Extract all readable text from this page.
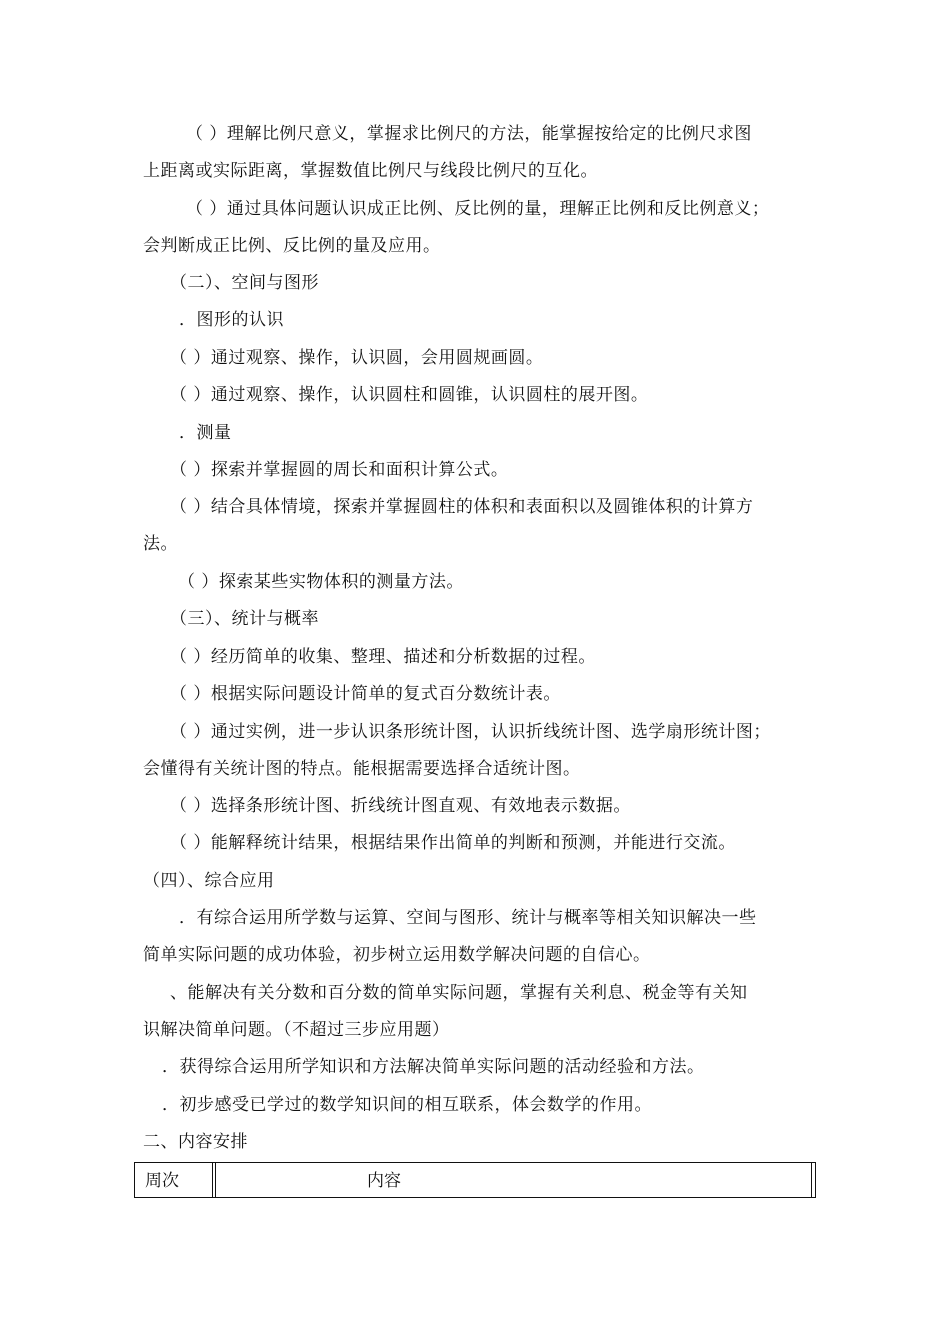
（ ）理解比例尺意义，掌握求比例尺的方法，能掌握按给定的比例尺求图
上距离或实际距离，掌握数值比例尺与线段比例尺的互化。
（ ）通过具体问题认识成正比例、反比例的量，理解正比例和反比例意义；
会判断成正比例、反比例的量及应用。
（二）、空间与图形
．图形的认识
（ ）通过观察、操作，认识圆，会用圆规画圆。
（ ）通过观察、操作，认识圆柱和圆锥，认识圆柱的展开图。
．测量
（ ）探索并掌握圆的周长和面积计算公式。
（ ）结合具体情境，探索并掌握圆柱的体积和表面积以及圆锥体积的计算方
法。
（ ）探索某些实物体积的测量方法。
（三）、统计与概率
（ ）经历简单的收集、整理、描述和分析数据的过程。
（ ）根据实际问题设计简单的复式百分数统计表。
（ ）通过实例，进一步认识条形统计图，认识折线统计图、选学扇形统计图；
会懂得有关统计图的特点。能根据需要选择合适统计图。
（ ）选择条形统计图、折线统计图直观、有效地表示数据。
（ ）能解释统计结果，根据结果作出简单的判断和预测，并能进行交流。
（四）、综合应用
．有综合运用所学数与运算、空间与图形、统计与概率等相关知识解决一些
简单实际问题的成功体验，初步树立运用数学解决问题的自信心。
、能解决有关分数和百分数的简单实际问题，掌握有关利息、税金等有关知
识解决简单问题。（不超过三步应用题）
．获得综合运用所学知识和方法解决简单实际问题的活动经验和方法。
．初步感受已学过的数学知识间的相互联系，体会数学的作用。
二、内容安排
周次	内容
